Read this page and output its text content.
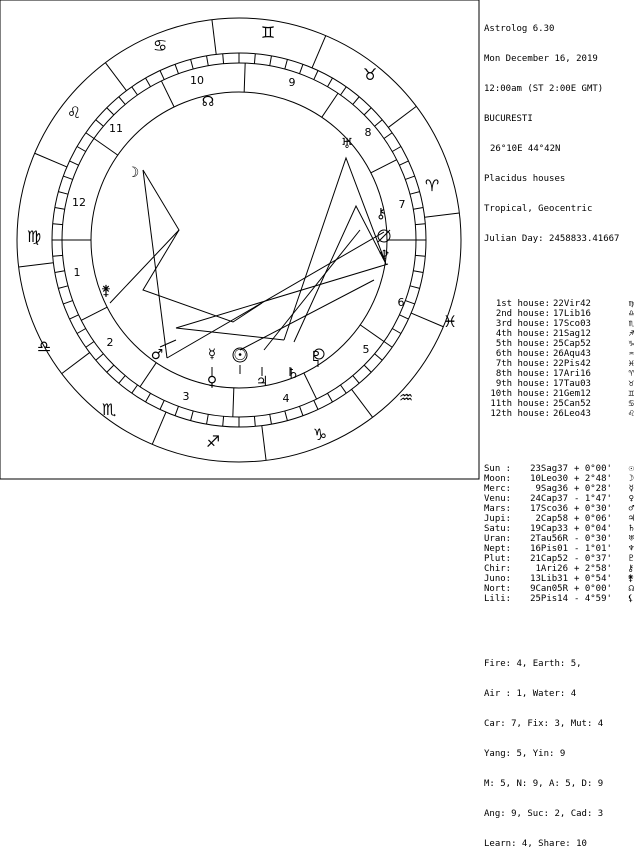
♉
♈
♓
♒
♑
♐
♏
♎
♍
♌
♋
♊
1
2
3	4
5
6
7
8
9
10
11
12
♀
☿ ☉
♃ ♄
♂
⚵
☽
♅
☊
⚷
♆
♇

Astrolog 6.30

Mon December 16, 2019

12:00am (ST 2:00E GMT)

BUCURESTI

26°10E 44°42N

Placidus houses

Tropical, Geocentric

Julian Day: 2458833.41667

1st house: 22Vir42	♍
2nd house: 17Lib16	♎
3rd house: 17Sco03	♏
4th house: 21Sag12	♐
5th house: 25Cap52	♑
6th house: 26Aqu43	♒
7th house: 22Pis42	♓
8th house: 17Ari16	♈
9th house: 17Tau03	♉
10th house: 21Gem12	♊
11th house: 25Can52	♋
12th house: 26Leo43	♌

Sun : 23Sag37 + 0°00' ☉
Moon: 10Leo30 + 2°48' ☽
Merc:	9Sag36 + 0°28' ☿
Venu: 24Cap37 - 1°47' ♀
Mars: 17Sco36 + 0°30' ♂
Jupi:	2Cap58 + 0°06' ♃
Satu: 19Cap33 + 0°04' ♄
Uran: 2Tau56R - 0°30' ♅
Nept: 16Pis01 - 1°01' ♆
Plut: 21Cap52 - 0°37' ♇
Chir:	1Ari26 + 2°58' ⚷
Juno: 13Lib31 + 0°54' ⚵
Nort: 9Can05R + 0°00' ☊
Lili: 25Pis14 - 4°59' ⚸

Fire: 4, Earth: 5,

Air : 1, Water: 4

Car: 7, Fix: 3, Mut: 4

Yang: 5, Yin: 9

M: 5, N: 9, A: 5, D: 9

Ang: 9, Suc: 2, Cad: 3

Learn: 4, Share: 10
